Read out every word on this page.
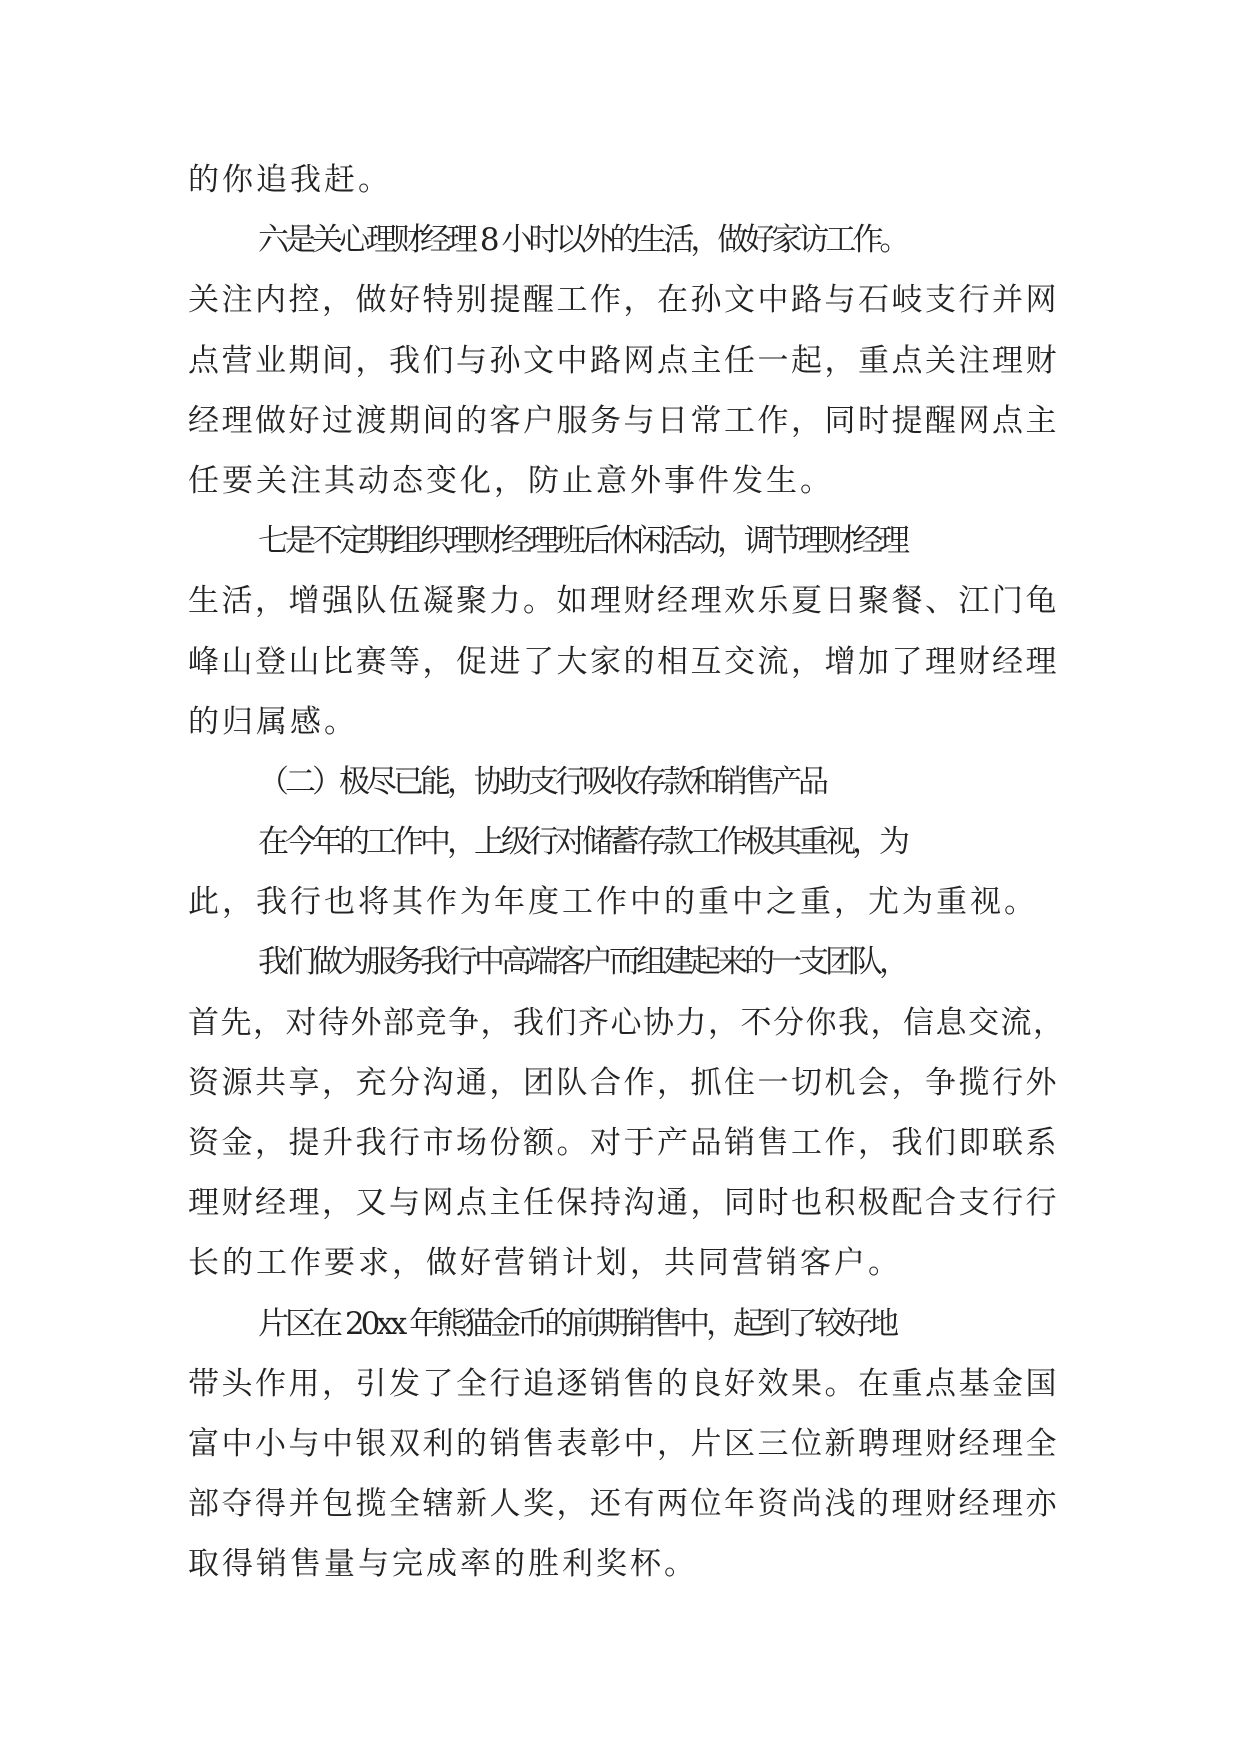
的你追我赶。
六是关心理财经理 8 小时以外的生活，做好家访工作。
关注内控，做好特别提醒工作，在孙文中路与石岐支行并网
点营业期间，我们与孙文中路网点主任一起，重点关注理财
经理做好过渡期间的客户服务与日常工作，同时提醒网点主
任要关注其动态变化，防止意外事件发生。
七是不定期组织理财经理班后休闲活动，调节理财经理
生活，增强队伍凝聚力。如理财经理欢乐夏日聚餐、江门龟
峰山登山比赛等，促进了大家的相互交流，增加了理财经理
的归属感。
（二）极尽已能，协助支行吸收存款和销售产品
在今年的工作中，上级行对储蓄存款工作极其重视，为
此，我行也将其作为年度工作中的重中之重，尤为重视。
我们做为服务我行中高端客户而组建起来的一支团队，
首先，对待外部竞争，我们齐心协力，不分你我，信息交流，
资源共享，充分沟通，团队合作，抓住一切机会，争揽行外
资金，提升我行市场份额。对于产品销售工作，我们即联系
理财经理，又与网点主任保持沟通，同时也积极配合支行行
长的工作要求，做好营销计划，共同营销客户。
片区在 20xx 年熊猫金币的前期销售中，起到了较好地
带头作用，引发了全行追逐销售的良好效果。在重点基金国
富中小与中银双利的销售表彰中，片区三位新聘理财经理全
部夺得并包揽全辖新人奖，还有两位年资尚浅的理财经理亦
取得销售量与完成率的胜利奖杯。
